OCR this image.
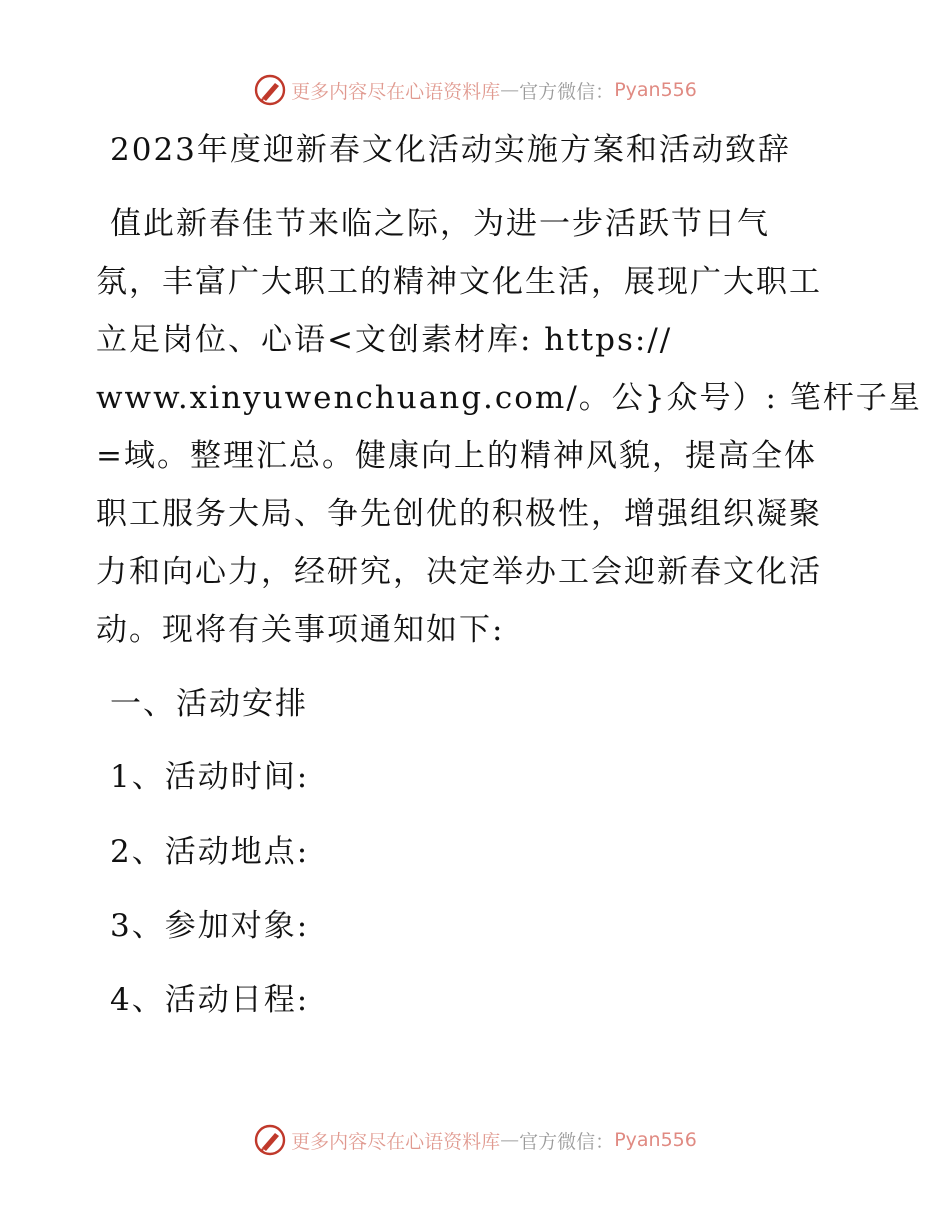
更多内容尽在心语资料库 — 官方微信： Pyan556
2023年度迎新春文化活动实施方案和活动致辞
值此新春佳节来临之际，为进一步活跃节日气
氛，丰富广大职工的精神文化生活，展现广大职工
立足岗位、心语<文创素材库: https://
www.xinyuwenchuang.com/。公}众号）: 笔杆子星
=域。整理汇总。健康向上的精神风貌，提高全体
职工服务大局、争先创优的积极性，增强组织凝聚
力和向心力，经研究，决定举办工会迎新春文化活
动。现将有关事项通知如下:
一、活动安排
1、活动时间:
2、活动地点:
3、参加对象:
4、活动日程:
更多内容尽在心语资料库 — 官方微信： Pyan556
